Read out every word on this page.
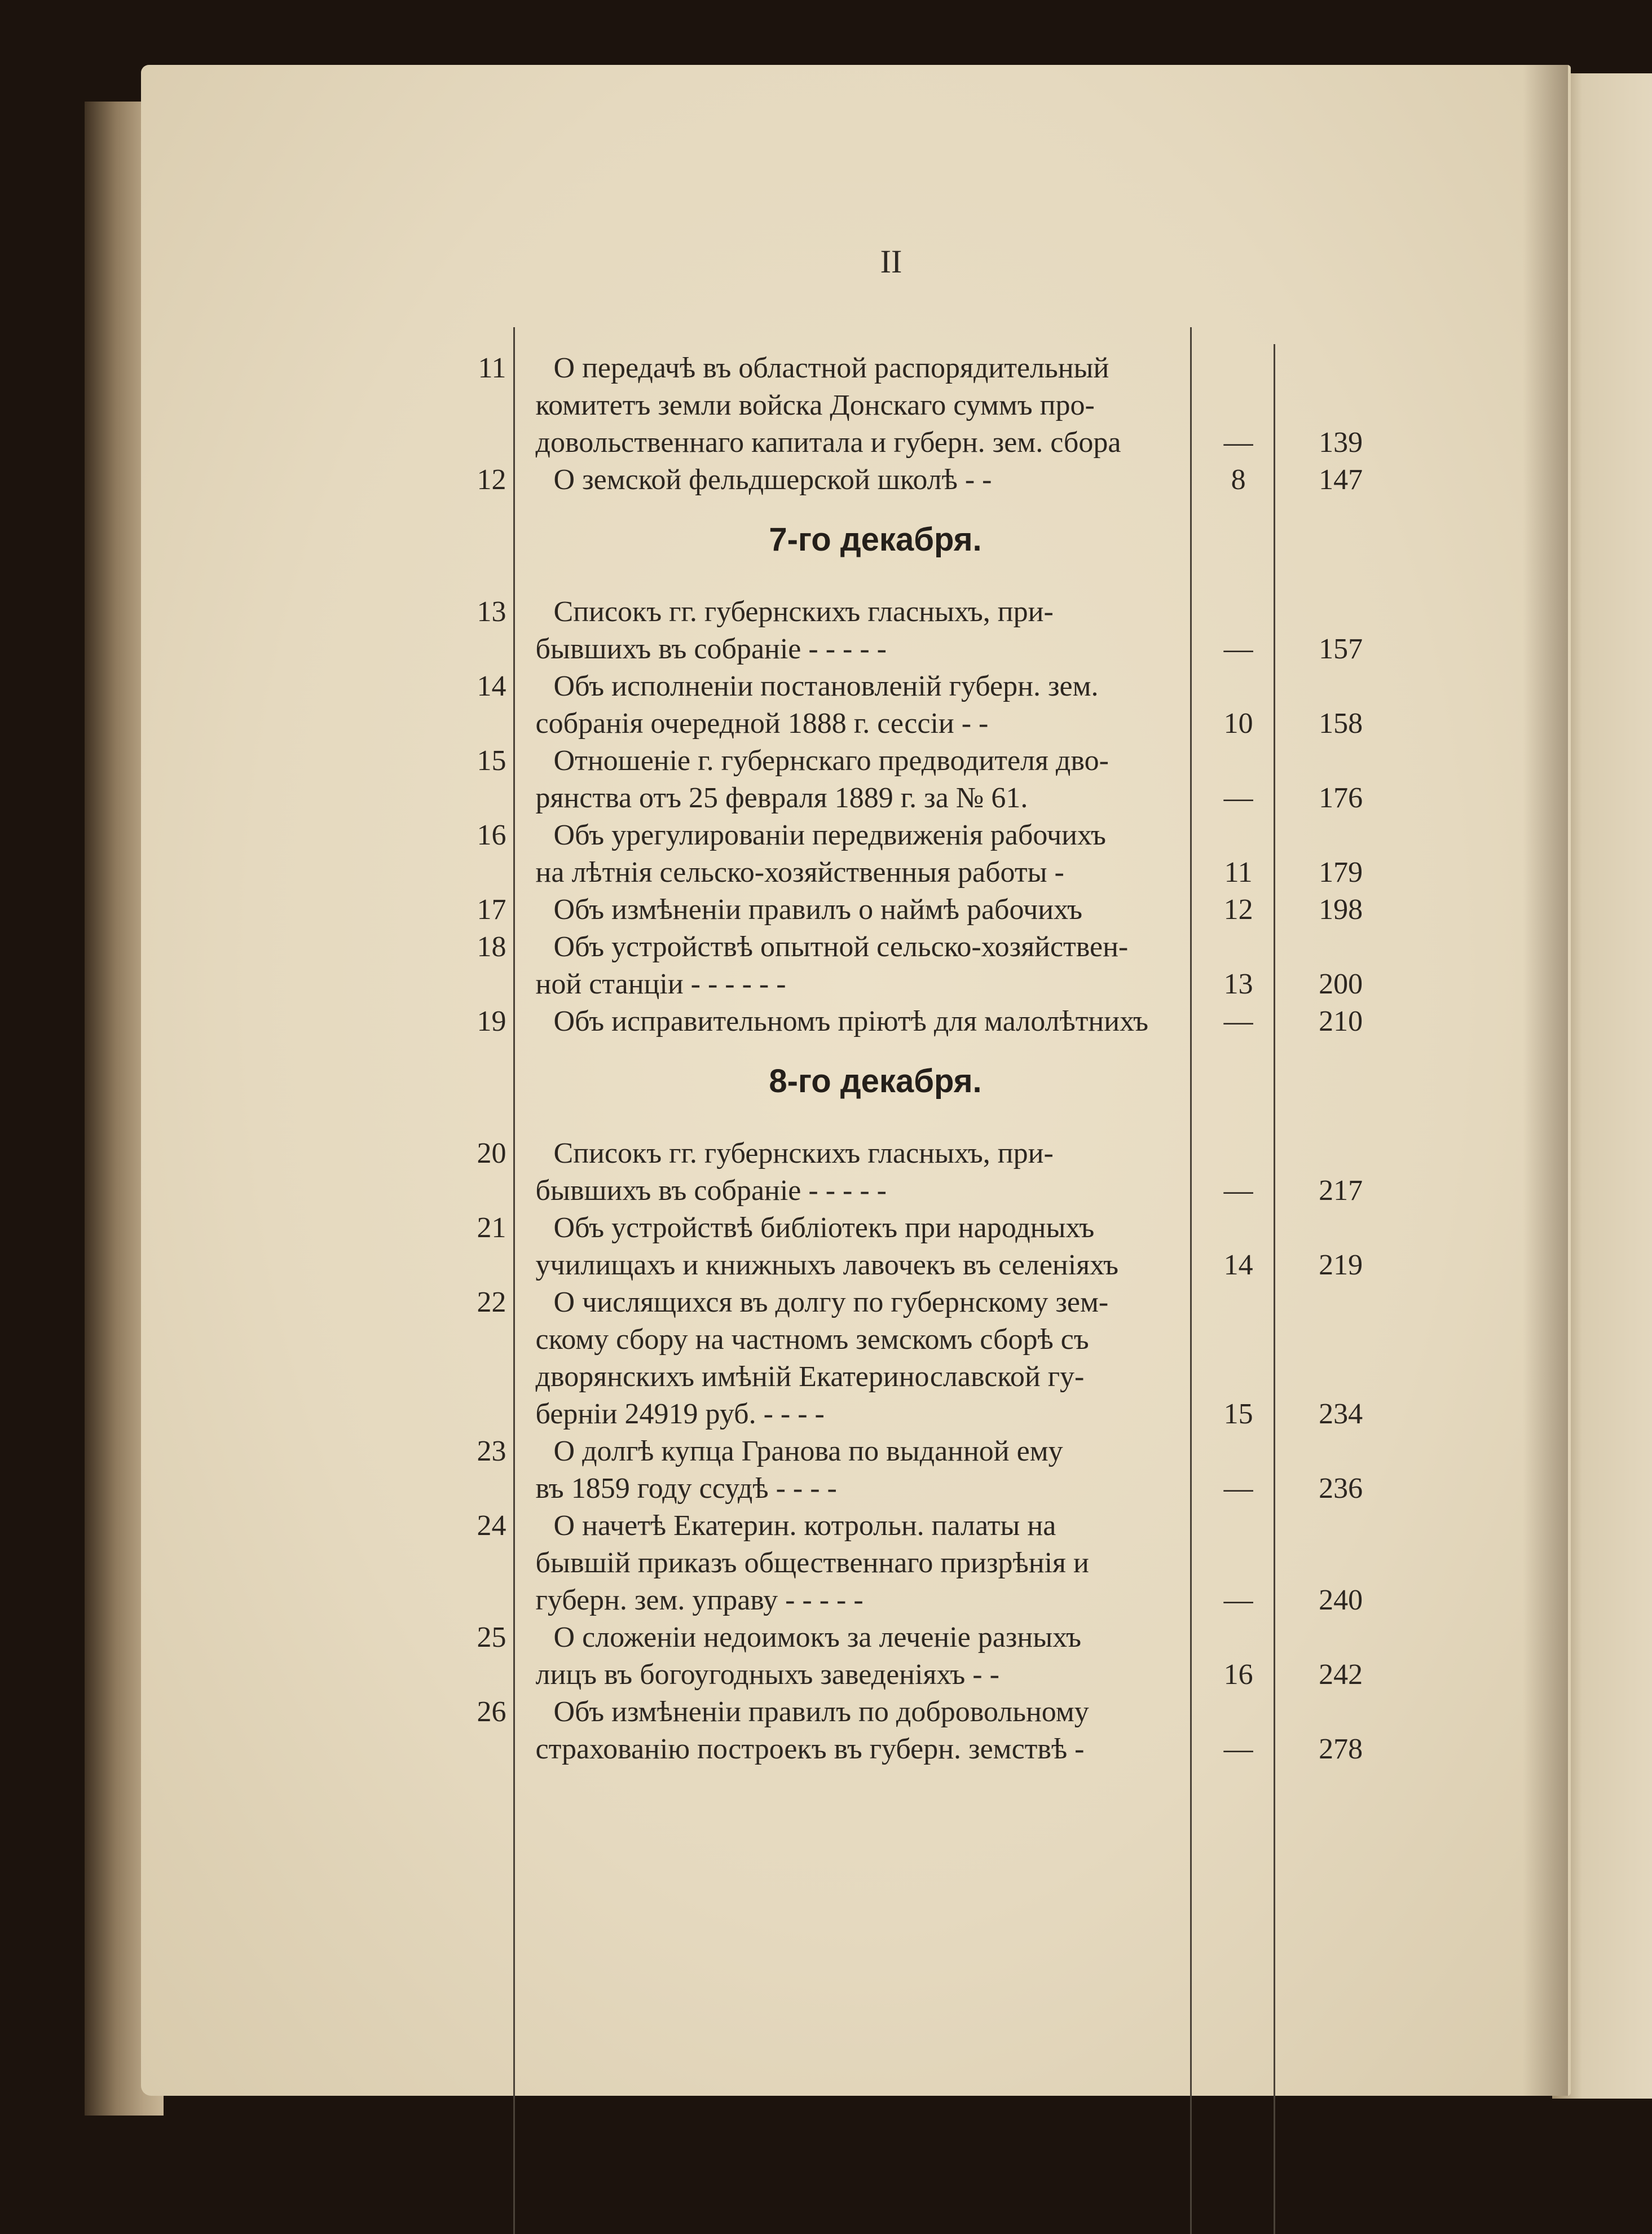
II
11	О передачѣ въ областной распорядительный
комитетъ земли войска Донскаго суммъ про-
довольственнаго капитала и губерн. зем. сбора	—	139
12	О земской фельдшерской школѣ - -	8	147
7-го декабря.
13	Списокъ гг. губернскихъ гласныхъ, при-
бывшихъ въ собраніе - - - - -	—	157
14	Объ исполненіи постановленій губерн. зем.
собранія очередной 1888 г. сессіи - -	10	158
15	Отношеніе г. губернскаго предводителя дво-
рянства отъ 25 февраля 1889 г. за № 61.	—	176
16	Объ урегулированіи передвиженія рабочихъ
на лѣтнія сельско-хозяйственныя работы -	11	179
17	Объ измѣненіи правилъ о наймѣ рабочихъ	12	198
18	Объ устройствѣ опытной сельско-хозяйствен-
ной станціи - - - - - -	13	200
19	Объ исправительномъ пріютѣ для малолѣтнихъ	—	210
8-го декабря.
20	Списокъ гг. губернскихъ гласныхъ, при-
бывшихъ въ собраніе - - - - -	—	217
21	Объ устройствѣ библіотекъ при народныхъ
училищахъ и книжныхъ лавочекъ въ селеніяхъ	14	219
22	О числящихся въ долгу по губернскому зем-
скому сбору на частномъ земскомъ сборѣ съ
дворянскихъ имѣній Екатеринославской гу-
берніи 24919 руб. - - - -	15	234
23	О долгѣ купца Гранова по выданной ему
въ 1859 году ссудѣ - - - -	—	236
24	О начетѣ Екатерин. котрольн. палаты на
бывшій приказъ общественнаго призрѣнія и
губерн. зем. управу - - - - -	—	240
25	О сложеніи недоимокъ за леченіе разныхъ
лицъ въ богоугодныхъ заведеніяхъ - -	16	242
26	Объ измѣненіи правилъ по добровольному
страхованію построекъ въ губерн. земствѣ -	—	278
